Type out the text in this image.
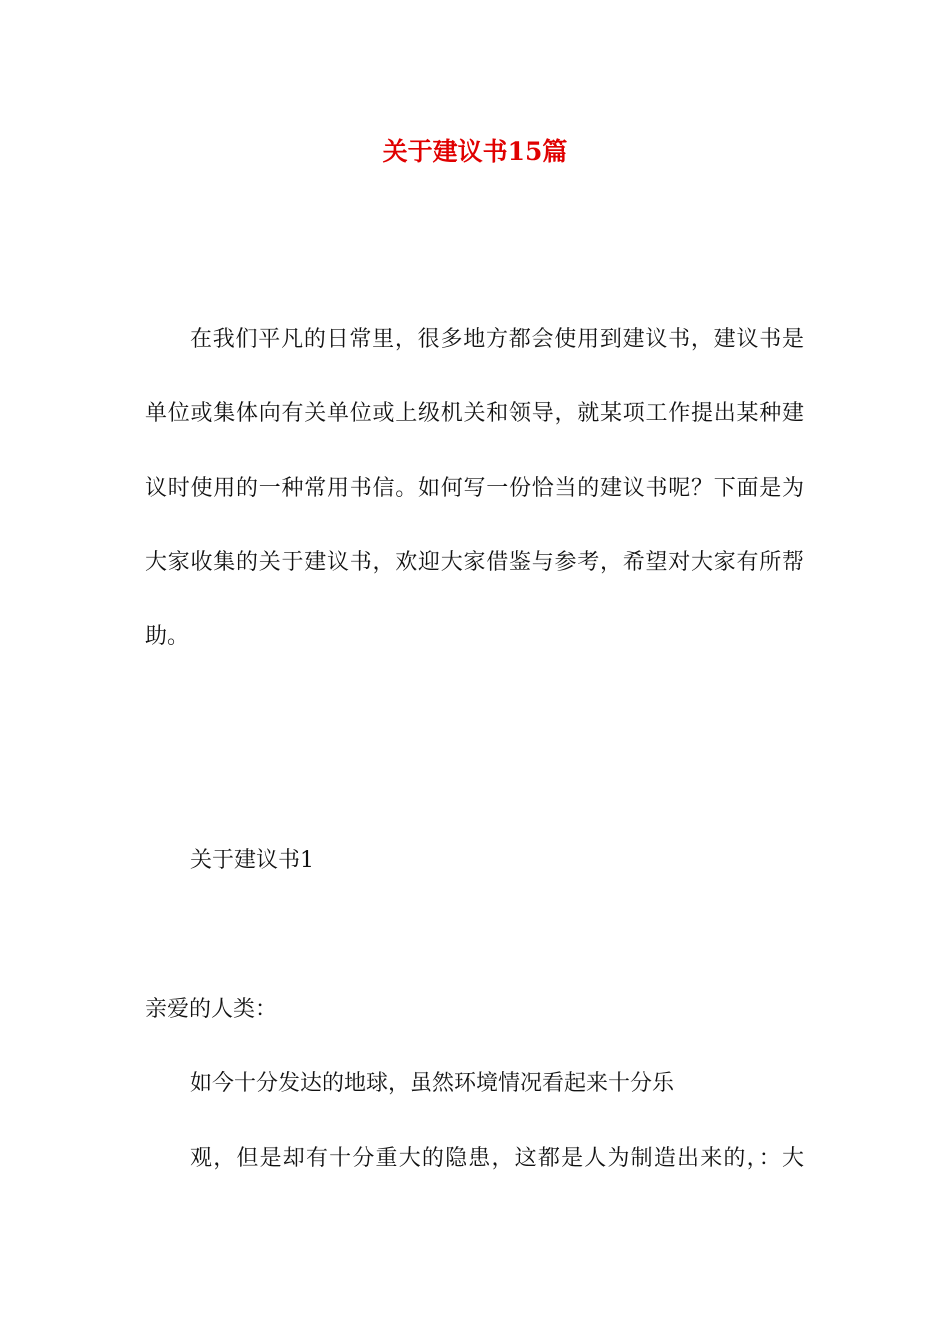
关于建议书15篇
在我们平凡的日常里，很多地方都会使用到建议书，建议书是
单位或集体向有关单位或上级机关和领导，就某项工作提出某种建
议时使用的一种常用书信。如何写一份恰当的建议书呢？下面是为
大家收集的关于建议书，欢迎大家借鉴与参考，希望对大家有所帮
助。
关于建议书1
亲爱的人类：
如今十分发达的地球，虽然环境情况看起来十分乐
观，但是却有十分重大的隐患，这都是人为制造出来的，：大
